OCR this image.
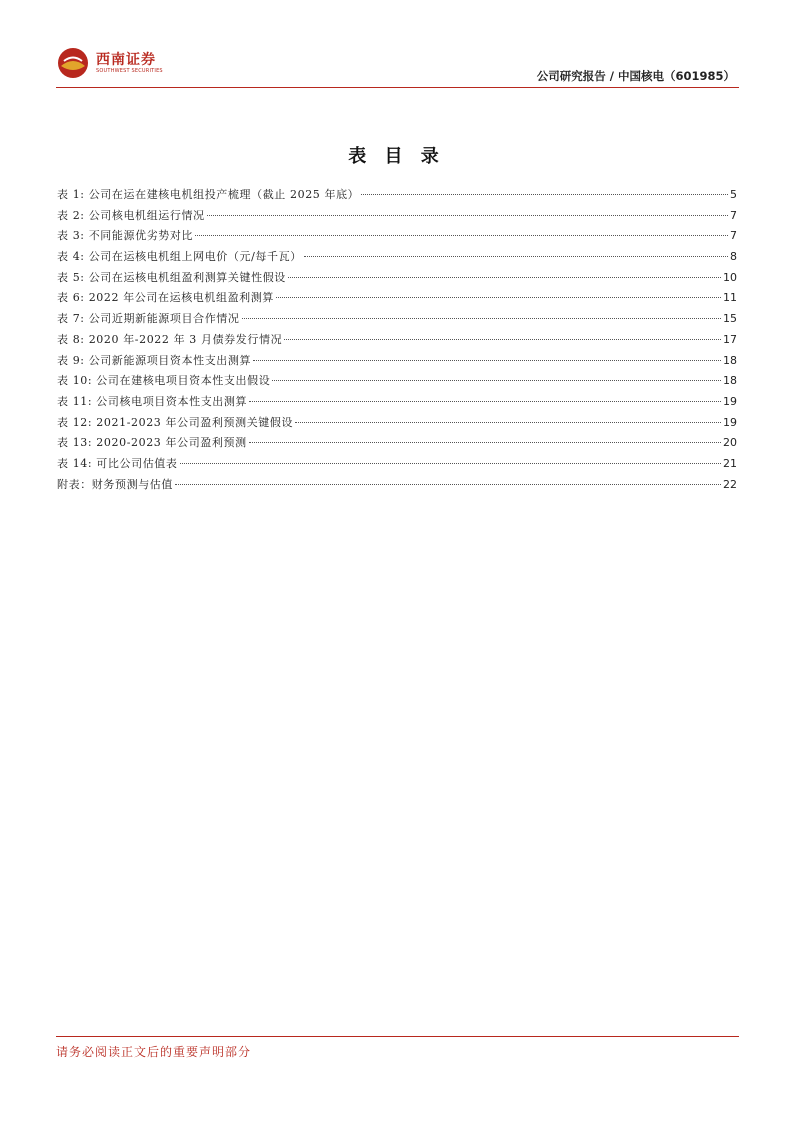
西南证券
SOUTHWEST SECURITIES	公司研究报告 / 中国核电（601985）
表 目 录
表 1: 公司在运在建核电机组投产梳理（截止 2025 年底）	5
表 2: 公司核电机组运行情况	7
表 3: 不同能源优劣势对比	7
表 4: 公司在运核电机组上网电价（元/每千瓦）	8
表 5: 公司在运核电机组盈利测算关键性假设	10
表 6: 2022 年公司在运核电机组盈利测算	11
表 7: 公司近期新能源项目合作情况	15
表 8: 2020 年-2022 年 3 月债券发行情况	17
表 9: 公司新能源项目资本性支出测算	18
表 10: 公司在建核电项目资本性支出假设	18
表 11: 公司核电项目资本性支出测算	19
表 12: 2021-2023 年公司盈利预测关键假设	19
表 13: 2020-2023 年公司盈利预测	20
表 14: 可比公司估值表	21
附表：财务预测与估值	22
请务必阅读正文后的重要声明部分
